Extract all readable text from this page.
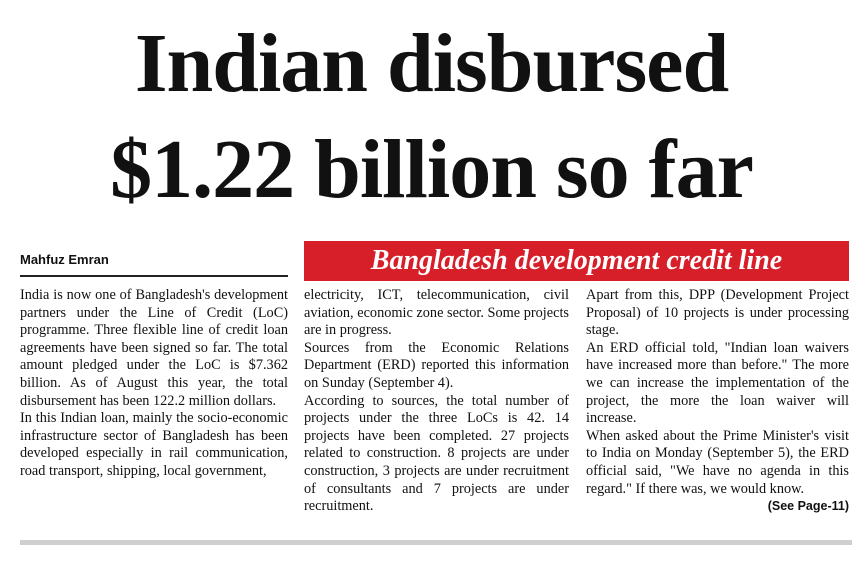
Indian disbursed
$1.22 billion so far
Mahfuz Emran	Bangladesh development credit line

India is now one of Bangladesh's development partners under the Line of Credit (LoC) programme. Three flexible line of credit loan agreements have been signed so far. The total amount pledged under the LoC is $7.362 billion. As of August this year, the total disbursement has been 122.2 million dollars.

In this Indian loan, mainly the socio-economic infrastructure sector of Bangladesh has been developed especially in rail communication, road transport, shipping, local government,

electricity, ICT, telecommunication, civil aviation, economic zone sector. Some projects are in progress.

Sources from the Economic Relations Department (ERD) reported this information on Sunday (September 4).

According to sources, the total number of projects under the three LoCs is 42. 14 projects have been completed. 27 projects related to construction. 8 projects are under construction, 3 projects are under recruitment of consultants and 7 projects are under recruitment.

Apart from this, DPP (Development Project Proposal) of 10 projects is under processing stage.

An ERD official told, "Indian loan waivers have increased more than before." The more we can increase the implementation of the project, the more the loan waiver will increase.

When asked about the Prime Minister's visit to India on Monday (September 5), the ERD official said, "We have no agenda in this regard." If there was, we would know.
(See Page-11)
